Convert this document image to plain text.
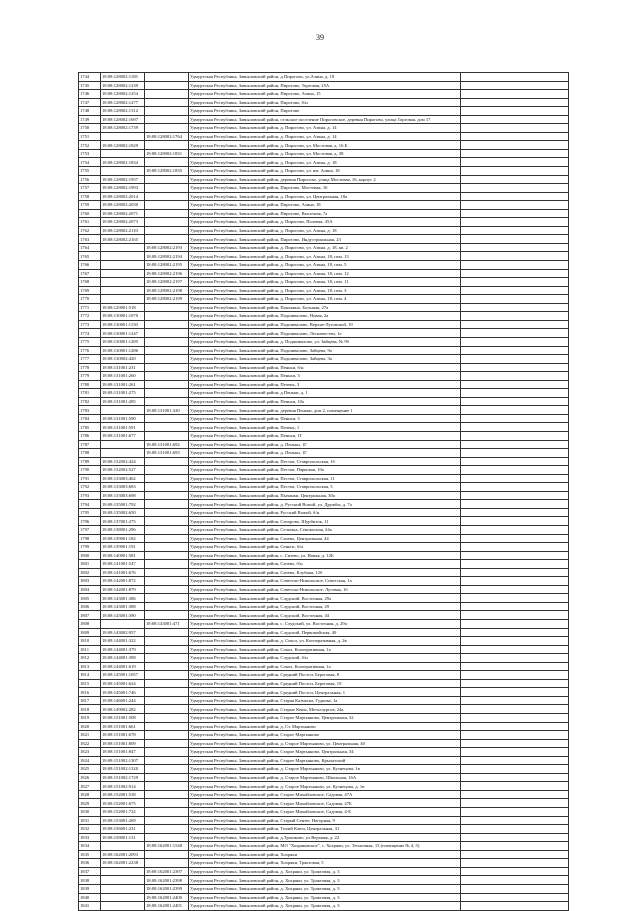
39
1744	18:08:128002:1185		Удмуртская Республика, Завьяловский район, д.Пирогово, ул.Азина, д. 18	
1745	18:08:128002:1239		Удмуртская Республика, Завьяловский район, Пирогово, Торговая, 25А	
1746	18:08:128002:1254		Удмуртская Республика, Завьяловский район, Пирогово, Азина, 15	
1747	18:08:128002:1277		Удмуртская Республика, Завьяловский район, Пирогово, б/н	
1748	18:08:128002:1312		Удмуртская Республика, Завьяловский район, Пирогово	
1749	18:08:128002:1697		Удмуртская Республика, Завьяловский район, сельское поселение Пироговское, деревня Пирогово, улица Торговая, дом 17	
1750	18:08:128002:1739		Удмуртская Республика, Завьяловский район, д. Пирогово, ул. Азина, д. 14	
1751		18:08:128002:1764	Удмуртская Республика, Завьяловский район, д. Пирогово, ул. Азина, д. 14	
1752	18:08:128002:1829		Удмуртская Республика, Завьяловский район, д. Пирогово, ул. Мостовая, д. 16 Б	
1753		18:08:128002:1831	Удмуртская Республика, Завьяловский район, д. Пирогово, ул. Мостовая, д. 38	
1754	18:08:128002:1834		Удмуртская Республика, Завьяловский район, д. Пирогово, ул. Азина, д. 18	
1755		18:08:128002:1835	Удмуртская Республика, Завьяловский район, д. Пирогово, ул. им. Азина, 18	
1756	18:08:128002:1957		Удмуртская Республика, Завьяловский район, деревня Пирогово, улица Мостовая, 16, корпус 2	
1757	18:08:128002:1993		Удмуртская Республика, Завьяловский район, Пирогово, Мостовая, 16	
1758	18:08:128002:2014		Удмуртская Республика, Завьяловский район, д. Пирогово, ул. Центральная, 18а	
1759	18:08:128002:2030		Удмуртская Республика, Завьяловский район, Пирогово, Азина, 18	
1760	18:08:128002:2071		Удмуртская Республика, Завьяловский район, Пирогово, Высотная, 7а	
1761	18:08:128002:2073		Удмуртская Республика, Завьяловский район, д. Пирогово, Полевая, 45А	
1762	18:08:128002:2110		Удмуртская Республика, Завьяловский район, д. Пирогово, ул. Азина, д. 18	
1763	18:08:128002:2165		Удмуртская Республика, Завьяловский район, Пирогово, Индустриальная, 23	
1764		18:08:128002:2193	Удмуртская Республика, Завьяловский район, д. Пирогово, ул. Азина, д. 18, кв. 2	
1765		18:08:128002:2194	Удмуртская Республика, Завьяловский район, д. Пирогово, ул. Азина, 18, пом. 13	
1766		18:08:128002:2195	Удмуртская Республика, Завьяловский район, д. Пирогово, ул. Азина, 18, пом. 5	
1767		18:08:128002:2196	Удмуртская Республика, Завьяловский район, д. Пирогово, ул. Азина, 18, пом. 12	
1768		18:08:128002:2197	Удмуртская Республика, Завьяловский район, д. Пирогово, ул. Азина, 18, пом. 11	
1769		18:08:128002:2198	Удмуртская Республика, Завьяловский район, д. Пирогово, ул. Азина, 18, пом. 3	
1770		18:08:128002:2199	Удмуртская Республика, Завьяловский район, д. Пирогово, ул. Азина, 18, пом. 4	
1771	18:08:129001:518		Удмуртская Республика, Завьяловский район, Понькино, Большая, 27а	
1772	18:08:130001:1070		Удмуртская Республика, Завьяловский район, Подшивалово, Новая, 2а	
1773	18:08:130001:1150		Удмуртская Республика, Завьяловский район, Подшивалово, Верхне-Луговской, 19	
1774	18:08:130001:1247		Удмуртская Республика, Завьяловский район, Подшивалово, Лесничество, 1е	
1775	18:08:130001:1285		Удмуртская Республика, Завьяловский район, д. Подшивалово, ул. Зайцева, № 9б	
1776	18:08:130001:1286		Удмуртская Республика, Завьяловский район, Подшивалово, Зайцева, 9а	
1777	18:08:130002:420		Удмуртская Республика, Завьяловский район, Подшивалово, Зайцева, 3а	
1778	18:08:131001:231		Удмуртская Республика, Завьяловский район, Пеньки, б/н	
1779	18:08:131001:260		Удмуртская Республика, Завьяловский район, Пеньки, 3	
1780	18:08:131001:261		Удмуртская Республика, Завьяловский район, Печень, 3	
1781	18:08:131001:275		Удмуртская Республика, Завьяловский район, д.Пеньки, д. 1	
1782	18:08:131001:285		Удмуртская Республика, Завьяловский район, Пеньки, 10а	
1783		18:08:131001:320	Удмуртская Республика, Завьяловский район, деревня Пеньки, дом 2, помещение 1	
1784	18:08:131001:590		Удмуртская Республика, Завьяловский район, Пеньки, 3	
1785	18:08:131001:591		Удмуртская Республика, Завьяловский район, Печень, 1	
1786	18:08:131001:677		Удмуртская Республика, Завьяловский район, Пеньки, 1Г	
1787		18:08:131001:692	Удмуртская Республика, Завьяловский район, д. Пеньки, 1Г	
1788		18:08:131001:693	Удмуртская Республика, Завьяловский район, д. Пеньки, 1Г	
1789	18:08:132002:424		Удмуртская Республика, Завьяловский район, Пестов, Ставропольская, 1б	
1790	18:08:132002:527		Удмуртская Республика, Завьяловский район, Пестов, Парковая, 10а	
1791	18:08:133003:462		Удмуртская Республика, Завьяловский район, Пестов, Ставропольская, 11	
1792	18:08:133003:683		Удмуртская Республика, Завьяловский район, Пестов, Ставропольская, 5	
1793	18:08:133003:698		Удмуртская Республика, Завьяловский район, Пычанки, Центральная, 30а	
1794	18:08:135001:792		Удмуртская Республика, Завьяловский район, д. Русский Вожой, ул. Дружбы, д. 7а	
1795	18:08:135002:650		Удмуртская Республика, Завьяловский район, Русский Вожой, б/н	
1796	18:08:137001:275		Удмуртская Республика, Завьяловский район, Сизорово, Шурбиток, 11	
1797	18:08:138001:296		Удмуртская Республика, Завьяловский район, Селычка, Сенокосная, 24а	
1798	18:08:139001:182		Удмуртская Республика, Завьяловский район, Сизево, Центральная, 44	
1799	18:08:139001:191		Удмуртская Республика, Завьяловский район, Сеньги, б/н	
1800	18:08:140001:581		Удмуртская Республика, Завьяловский район, с. Сизево, ул. Новая, д. 12Б	
1801	18:08:141001:547		Удмуртская Республика, Завьяловский район, Сизево, б/н	
1802	18:08:141001:676		Удмуртская Республика, Завьяловский район, Сизево, Клубная, 12б	
1803	18:08:142001:872		Удмуртская Республика, Завьяловский район, Советско-Никольское, Советская, 1а	
1804	18:08:142001:879		Удмуртская Республика, Завьяловский район, Советско-Никольское, Луговая, 1б	
1805	18:08:143001:386		Удмуртская Республика, Завьяловский район, Слудский, Восточная, 29а	
1806	18:08:143001:388		Удмуртская Республика, Завьяловский район, Слудский, Восточная, 29	
1807	18:08:143001:390		Удмуртская Республика, Завьяловский район, Слудский, Восточная, 44	
1808		18:08:143001:471	Удмуртская Республика, Завьяловский район, с. Слудский, ул. Восточная, д. 29а	
1809	18:08:143002:957		Удмуртская Республика, Завьяловский район, Слудский, Первомайская, 40	
1810	18:08:144001:322		Удмуртская Республика, Завьяловский район, д. Сокол, ул. Кооперативная, д. 2в	
1811	18:08:144001:379		Удмуртская Республика, Завьяловский район, Сокол, Кооперативная, 1а	
1812	18:08:144001:398		Удмуртская Республика, Завьяловский район, Слудский, б/н	
1813	18:08:144001:619		Удмуртская Республика, Завьяловский район, Сокол, Кооперативная, 1а	
1814	18:08:145001:1057		Удмуртская Республика, Завьяловский район, Средний Постол, Береговая, 8	
1815	18:08:145001:624		Удмуртская Республика, Завьяловский район, Средний Постол, Береговая, 19	
1816	18:08:145001:746		Удмуртская Республика, Завьяловский район, Средний Постол, Центральная, 1	
1817	18:08:146001:244		Удмуртская Республика, Завьяловский район, Старая Казмаска, Гудкова, 1а	
1818	18:08:149002:282		Удмуртская Республика, Завьяловский район, Старые Кены, Металлургов, 24а	
1819	18:08:151001:508		Удмуртская Республика, Завьяловский район, Старое Мартьяново, Центральная, 32	
1820	18:08:151001:661		Удмуртская Республика, Завьяловский район, д. Ст. Мартьяново	
1821	18:08:151001:678		Удмуртская Республика, Завьяловский район, Старое Мартьяново	
1822	18:08:151001:809		Удмуртская Республика, Завьяловский район, д. Старое Мартьяново, ул. Центральная, 40	
1823	18:08:151001:847		Удмуртская Республика, Завьяловский район, Старое Мартьяново, Центральная, 34	
1824	18:08:151002:1307		Удмуртская Республика, Завьяловский район, Старое Мартьяново, Крылатский	
1825	18:08:151002:1320		Удмуртская Республика, Завьяловский район, д. Старое Мартьяново, ул. Кузнецова, 1в	
1826	18:08:151002:1729		Удмуртская Республика, Завьяловский район, д. Старое Мартьяново, Школьная, 16А	
1827	18:08:151002:914		Удмуртская Республика, Завьяловский район, д. Старое Мартьяново, ул. Кузнецова, д. 1в	
1828	18:08:152001:538		Удмуртская Республика, Завьяловский район, Старое Михайловское, Садовая, 47А	
1829	18:08:152001:675		Удмуртская Республика, Завьяловский район, Старое Михайловское, Садовая, 47Б	
1830	18:08:152001:722		Удмуртская Республика, Завьяловский район, Старое Михайловское, Садовая, 4-Б	
1831	18:08:153001:269		Удмуртская Республика, Завьяловский район, Старый Сентег, Нагорная, 9	
1832	18:08:156001:231		Удмуртская Республика, Завьяловский район, Тихий Ключ, Центральная, 31	
1833	18:08:158001:131		Удмуртская Республика, Завьяловский район, д.Трошково, ул.Верхняя, д. 22	
1834		18:08:162001:1548	Удмуртская Республика, Завьяловский район, МО "Хохряковское", с. Хохряки, ул. Тепличная, 13 (помещение № 4, 5)	
1835	18:08:162001:2093		Удмуртская Республика, Завьяловский район, Хохряки	
1836	18:08:162001:2238		Удмуртская Республика, Завьяловский район, Хохряки, Трактовая, 5	
1837		18:08:162001:2397	Удмуртская Республика, Завьяловский район, д. Хохряки, ул. Трактовая, д. 3	
1838		18:08:162001:2398	Удмуртская Республика, Завьяловский район, д. Хохряки, ул. Трактовая, д. 3	
1839		18:08:162001:2399	Удмуртская Республика, Завьяловский район, д. Хохряки, ул. Трактовая, д. 3	
1840		18:08:162001:2400	Удмуртская Республика, Завьяловский район, д. Хохряки, ул. Трактовая, д. 3	
1841		18:08:162001:2401	Удмуртская Республика, Завьяловский район, д. Хохряки, ул. Трактовая, д. 3	
